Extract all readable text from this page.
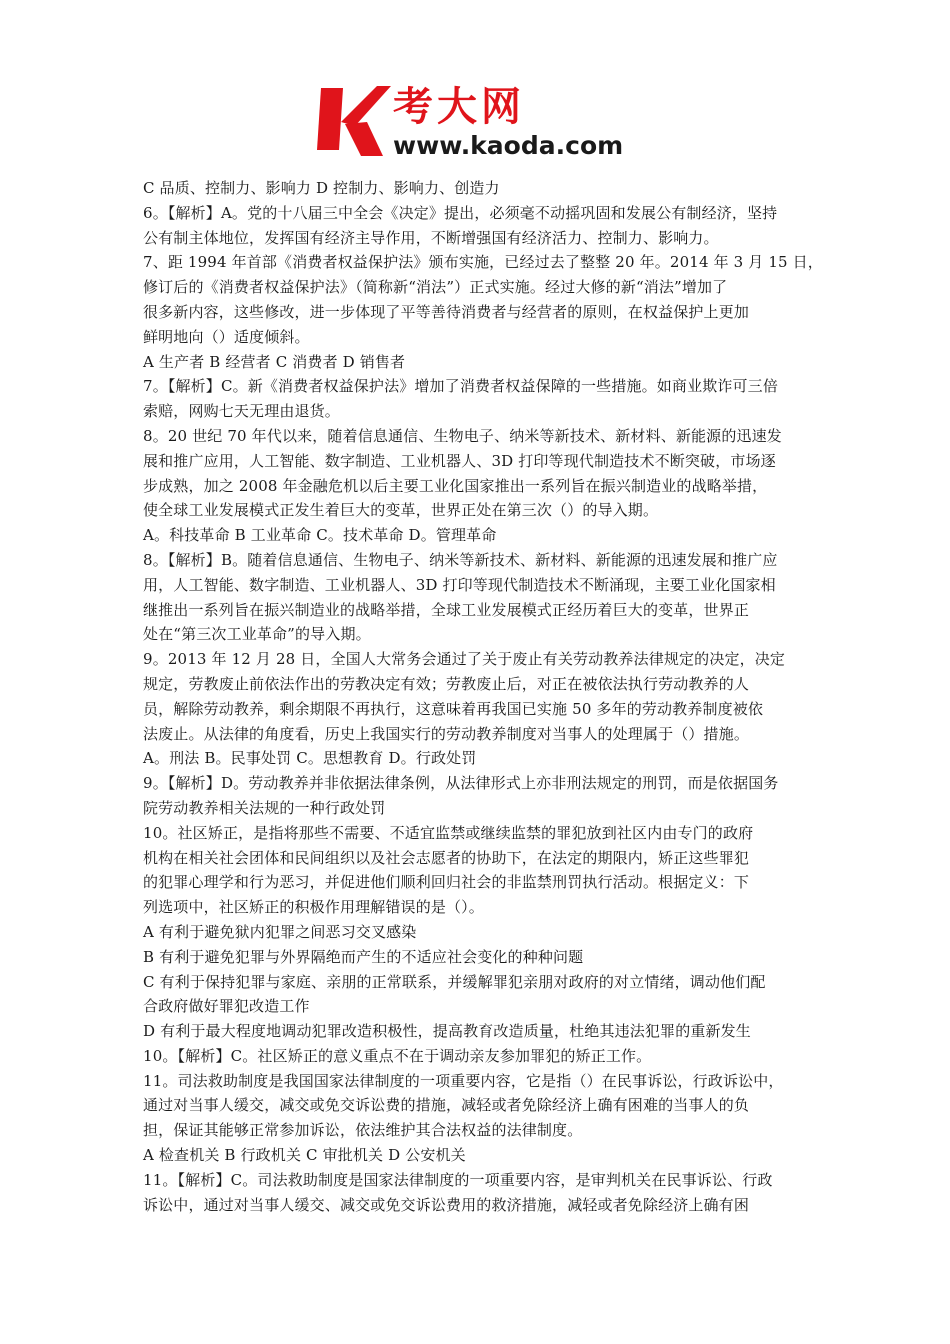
考大网
www.kaoda.com
C 品质、控制力、影响力 D 控制力、影响力、创造力
6。【解析】A。党的十八届三中全会《决定》提出，必须毫不动摇巩固和发展公有制经济，坚持
公有制主体地位，发挥国有经济主导作用，不断增强国有经济活力、控制力、影响力。
7、距 1994 年首部《消费者权益保护法》颁布实施，已经过去了整整 20 年。2014 年 3 月 15 日，
修订后的《消费者权益保护法》（简称新“消法”）正式实施。经过大修的新“消法”增加了
很多新内容，这些修改，进一步体现了平等善待消费者与经营者的原则，在权益保护上更加
鲜明地向（）适度倾斜。
A 生产者 B 经营者 C 消费者 D 销售者
7。【解析】C。新《消费者权益保护法》增加了消费者权益保障的一些措施。如商业欺诈可三倍
索赔，网购七天无理由退货。
8。20 世纪 70 年代以来，随着信息通信、生物电子、纳米等新技术、新材料、新能源的迅速发
展和推广应用，人工智能、数字制造、工业机器人、3D 打印等现代制造技术不断突破，市场逐
步成熟，加之 2008 年金融危机以后主要工业化国家推出一系列旨在振兴制造业的战略举措，
使全球工业发展模式正发生着巨大的变革，世界正处在第三次（）的导入期。
A。科技革命 B 工业革命 C。技术革命 D。管理革命
8。【解析】B。随着信息通信、生物电子、纳米等新技术、新材料、新能源的迅速发展和推广应
用，人工智能、数字制造、工业机器人、3D 打印等现代制造技术不断涌现，主要工业化国家相
继推出一系列旨在振兴制造业的战略举措，全球工业发展模式正经历着巨大的变革，世界正
处在“第三次工业革命”的导入期。
9。2013 年 12 月 28 日，全国人大常务会通过了关于废止有关劳动教养法律规定的决定，决定
规定，劳教废止前依法作出的劳教决定有效；劳教废止后，对正在被依法执行劳动教养的人
员，解除劳动教养，剩余期限不再执行，这意味着再我国已实施 50 多年的劳动教养制度被依
法废止。从法律的角度看，历史上我国实行的劳动教养制度对当事人的处理属于（）措施。
A。刑法 B。民事处罚 C。思想教育 D。行政处罚
9。【解析】D。劳动教养并非依据法律条例，从法律形式上亦非刑法规定的刑罚，而是依据国务
院劳动教养相关法规的一种行政处罚
10。社区矫正，是指将那些不需要、不适宜监禁或继续监禁的罪犯放到社区内由专门的政府
机构在相关社会团体和民间组织以及社会志愿者的协助下，在法定的期限内，矫正这些罪犯
的犯罪心理学和行为恶习，并促进他们顺利回归社会的非监禁刑罚执行活动。根据定义：下
列选项中，社区矫正的积极作用理解错误的是（）。
A 有利于避免狱内犯罪之间恶习交叉感染
B 有利于避免犯罪与外界隔绝而产生的不适应社会变化的种种问题
C 有利于保持犯罪与家庭、亲朋的正常联系，并缓解罪犯亲朋对政府的对立情绪，调动他们配
合政府做好罪犯改造工作
D 有利于最大程度地调动犯罪改造积极性，提高教育改造质量，杜绝其违法犯罪的重新发生
10。【解析】C。社区矫正的意义重点不在于调动亲友参加罪犯的矫正工作。
11。司法救助制度是我国国家法律制度的一项重要内容，它是指（）在民事诉讼，行政诉讼中，
通过对当事人缓交，减交或免交诉讼费的措施，减轻或者免除经济上确有困难的当事人的负
担，保证其能够正常参加诉讼，依法维护其合法权益的法律制度。
A 检查机关 B 行政机关 C 审批机关 D 公安机关
11。【解析】C。司法救助制度是国家法律制度的一项重要内容，是审判机关在民事诉讼、行政
诉讼中，通过对当事人缓交、减交或免交诉讼费用的救济措施，减轻或者免除经济上确有困
